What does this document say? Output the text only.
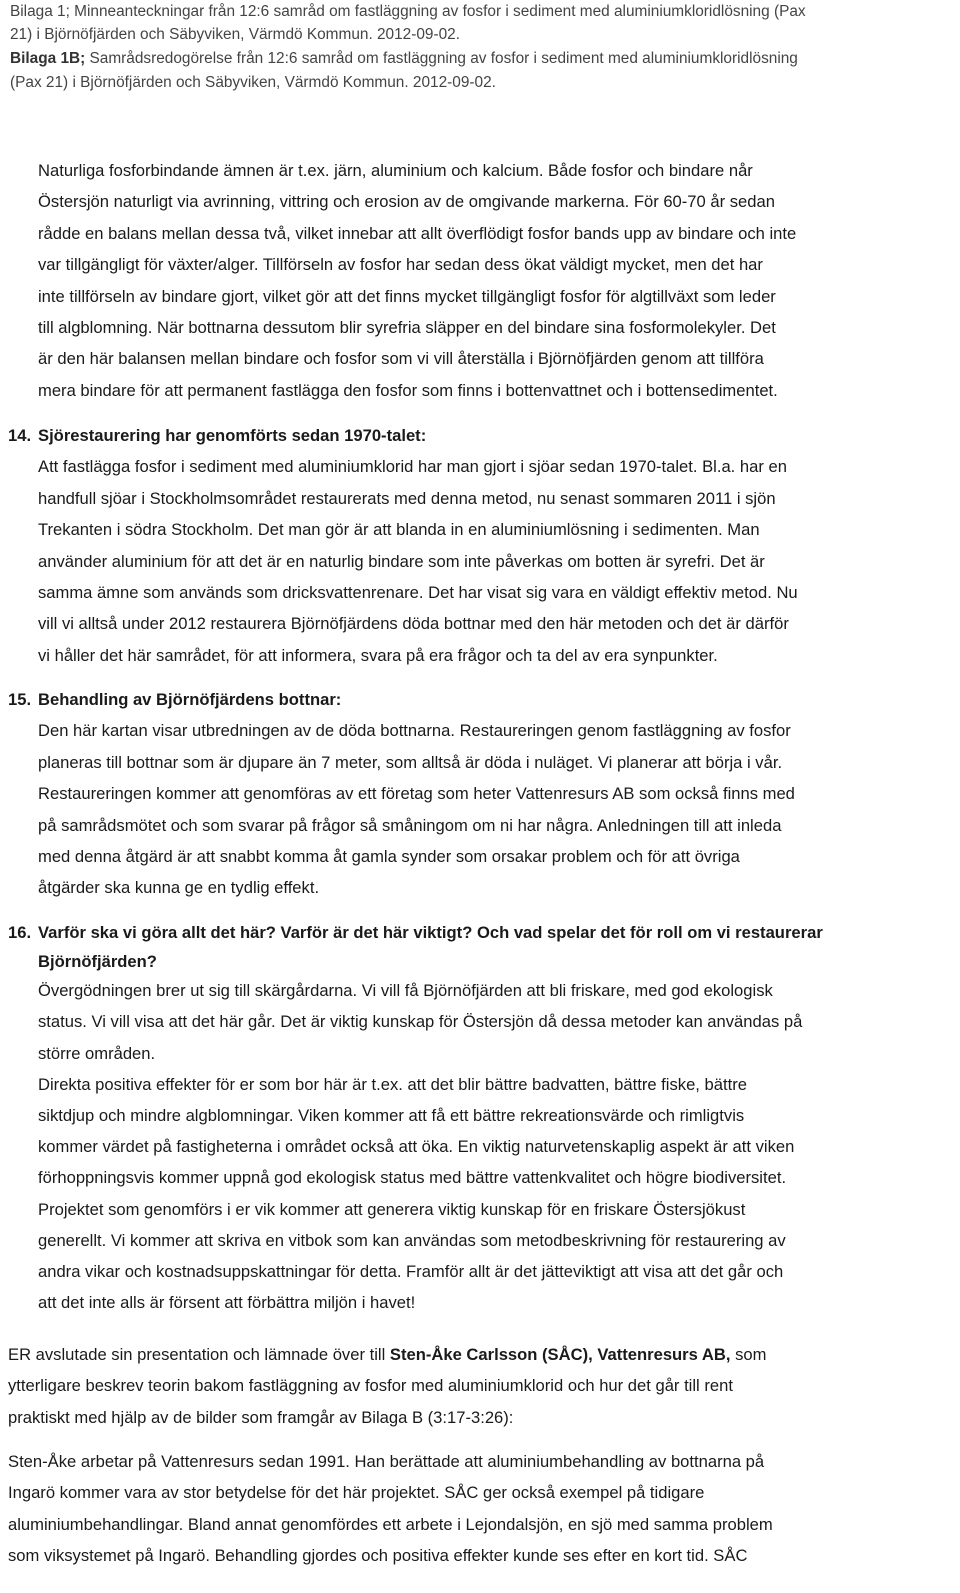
Bilaga 1; Minneanteckningar från 12:6 samråd om fastläggning av fosfor i sediment med aluminiumkloridlösning (Pax
21) i Björnöfjärden och Säbyviken, Värmdö Kommun. 2012-09-02.
Bilaga 1B; Samrådsredogörelse från 12:6 samråd om fastläggning av fosfor i sediment med aluminiumkloridlösning
(Pax 21) i Björnöfjärden och Säbyviken, Värmdö Kommun. 2012-09-02.
Naturliga fosforbindande ämnen är t.ex. järn, aluminium och kalcium. Både fosfor och bindare når
Östersjön naturligt via avrinning, vittring och erosion av de omgivande markerna. För 60-70 år sedan
rådde en balans mellan dessa två, vilket innebar att allt överflödigt fosfor bands upp av bindare och inte
var tillgängligt för växter/alger. Tillförseln av fosfor har sedan dess ökat väldigt mycket, men det har
inte tillförseln av bindare gjort, vilket gör att det finns mycket tillgängligt fosfor för algtillväxt som leder
till algblomning. När bottnarna dessutom blir syrefria släpper en del bindare sina fosformolekyler. Det
är den här balansen mellan bindare och fosfor som vi vill återställa i Björnöfjärden genom att tillföra
mera bindare för att permanent fastlägga den fosfor som finns i bottenvattnet och i bottensedimentet.
14. Sjörestaurering har genomförts sedan 1970-talet:
Att fastlägga fosfor i sediment med aluminiumklorid har man gjort i sjöar sedan 1970-talet. Bl.a. har en
handfull sjöar i Stockholmsområdet restaurerats med denna metod, nu senast sommaren 2011 i sjön
Trekanten i södra Stockholm. Det man gör är att blanda in en aluminiumlösning i sedimenten. Man
använder aluminium för att det är en naturlig bindare som inte påverkas om botten är syrefri. Det är
samma ämne som används som dricksvattenrenare. Det har visat sig vara en väldigt effektiv metod. Nu
vill vi alltså under 2012 restaurera Björnöfjärdens döda bottnar med den här metoden och det är därför
vi håller det här samrådet, för att informera, svara på era frågor och ta del av era synpunkter.
15. Behandling av Björnöfjärdens bottnar:
Den här kartan visar utbredningen av de döda bottnarna. Restaureringen genom fastläggning av fosfor
planeras till bottnar som är djupare än 7 meter, som alltså är döda i nuläget. Vi planerar att börja i vår.
Restaureringen kommer att genomföras av ett företag som heter Vattenresurs AB som också finns med
på samrådsmötet och som svarar på frågor så småningom om ni har några. Anledningen till att inleda
med denna åtgärd är att snabbt komma åt gamla synder som orsakar problem och för att övriga
åtgärder ska kunna ge en tydlig effekt.
16. Varför ska vi göra allt det här? Varför är det här viktigt? Och vad spelar det för roll om vi restaurerar
Björnöfjärden?
Övergödningen brer ut sig till skärgårdarna. Vi vill få Björnöfjärden att bli friskare, med god ekologisk
status. Vi vill visa att det här går. Det är viktig kunskap för Östersjön då dessa metoder kan användas på
större områden.
Direkta positiva effekter för er som bor här är t.ex. att det blir bättre badvatten, bättre fiske, bättre
siktdjup och mindre algblomningar. Viken kommer att få ett bättre rekreationsvärde och rimligtvis
kommer värdet på fastigheterna i området också att öka. En viktig naturvetenskaplig aspekt är att viken
förhoppningsvis kommer uppnå god ekologisk status med bättre vattenkvalitet och högre biodiversitet.
Projektet som genomförs i er vik kommer att generera viktig kunskap för en friskare Östersjökust
generellt. Vi kommer att skriva en vitbok som kan användas som metodbeskrivning för restaurering av
andra vikar och kostnadsuppskattningar för detta. Framför allt är det jätteviktigt att visa att det går och
att det inte alls är försent att förbättra miljön i havet!
ER avslutade sin presentation och lämnade över till Sten-Åke Carlsson (SÅC), Vattenresurs AB, som
ytterligare beskrev teorin bakom fastläggning av fosfor med aluminiumklorid och hur det går till rent
praktiskt med hjälp av de bilder som framgår av Bilaga B (3:17-3:26):
Sten-Åke arbetar på Vattenresurs sedan 1991. Han berättade att aluminiumbehandling av bottnarna på
Ingarö kommer vara av stor betydelse för det här projektet. SÅC ger också exempel på tidigare
aluminiumbehandlingar. Bland annat genomfördes ett arbete i Lejondalsjön, en sjö med samma problem
som viksystemet på Ingarö. Behandling gjordes och positiva effekter kunde ses efter en kort tid. SÅC
